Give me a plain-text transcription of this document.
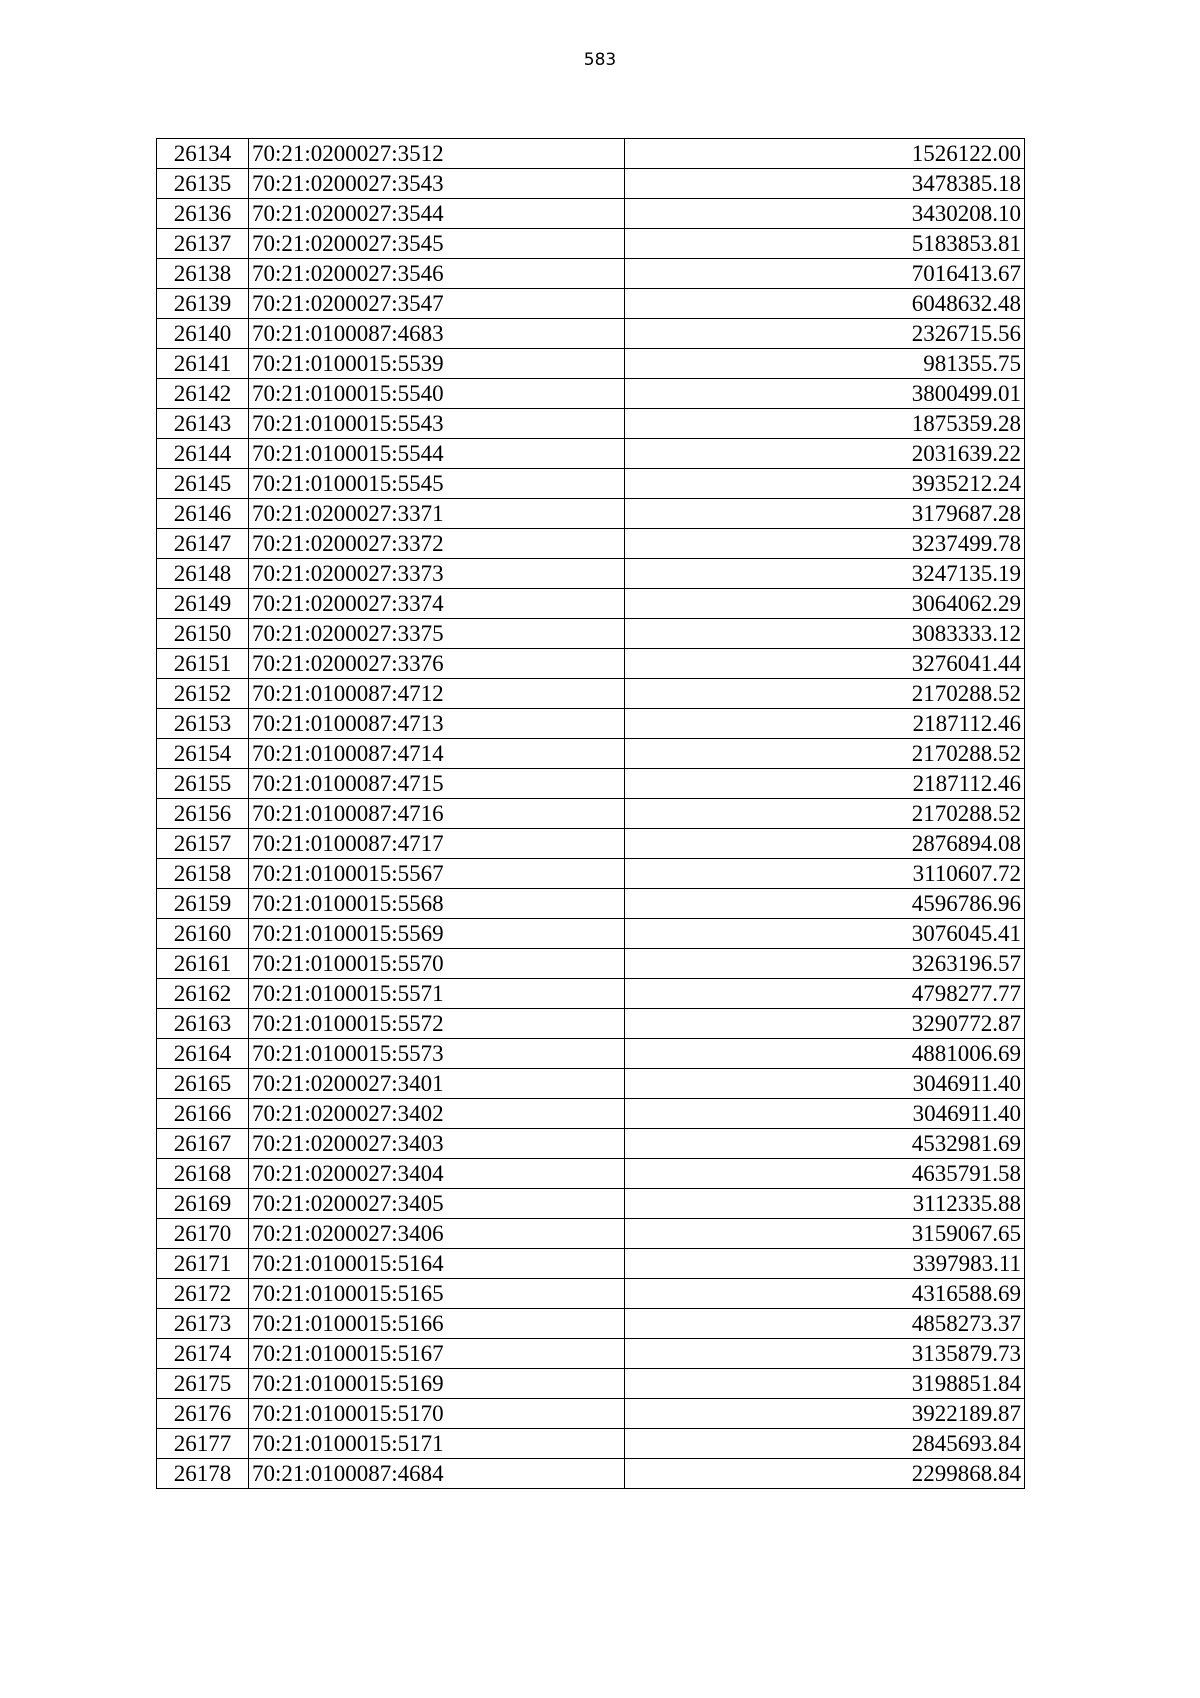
583
26134	70:21:0200027:3512	1526122.00
26135	70:21:0200027:3543	3478385.18
26136	70:21:0200027:3544	3430208.10
26137	70:21:0200027:3545	5183853.81
26138	70:21:0200027:3546	7016413.67
26139	70:21:0200027:3547	6048632.48
26140	70:21:0100087:4683	2326715.56
26141	70:21:0100015:5539	981355.75
26142	70:21:0100015:5540	3800499.01
26143	70:21:0100015:5543	1875359.28
26144	70:21:0100015:5544	2031639.22
26145	70:21:0100015:5545	3935212.24
26146	70:21:0200027:3371	3179687.28
26147	70:21:0200027:3372	3237499.78
26148	70:21:0200027:3373	3247135.19
26149	70:21:0200027:3374	3064062.29
26150	70:21:0200027:3375	3083333.12
26151	70:21:0200027:3376	3276041.44
26152	70:21:0100087:4712	2170288.52
26153	70:21:0100087:4713	2187112.46
26154	70:21:0100087:4714	2170288.52
26155	70:21:0100087:4715	2187112.46
26156	70:21:0100087:4716	2170288.52
26157	70:21:0100087:4717	2876894.08
26158	70:21:0100015:5567	3110607.72
26159	70:21:0100015:5568	4596786.96
26160	70:21:0100015:5569	3076045.41
26161	70:21:0100015:5570	3263196.57
26162	70:21:0100015:5571	4798277.77
26163	70:21:0100015:5572	3290772.87
26164	70:21:0100015:5573	4881006.69
26165	70:21:0200027:3401	3046911.40
26166	70:21:0200027:3402	3046911.40
26167	70:21:0200027:3403	4532981.69
26168	70:21:0200027:3404	4635791.58
26169	70:21:0200027:3405	3112335.88
26170	70:21:0200027:3406	3159067.65
26171	70:21:0100015:5164	3397983.11
26172	70:21:0100015:5165	4316588.69
26173	70:21:0100015:5166	4858273.37
26174	70:21:0100015:5167	3135879.73
26175	70:21:0100015:5169	3198851.84
26176	70:21:0100015:5170	3922189.87
26177	70:21:0100015:5171	2845693.84
26178	70:21:0100087:4684	2299868.84
